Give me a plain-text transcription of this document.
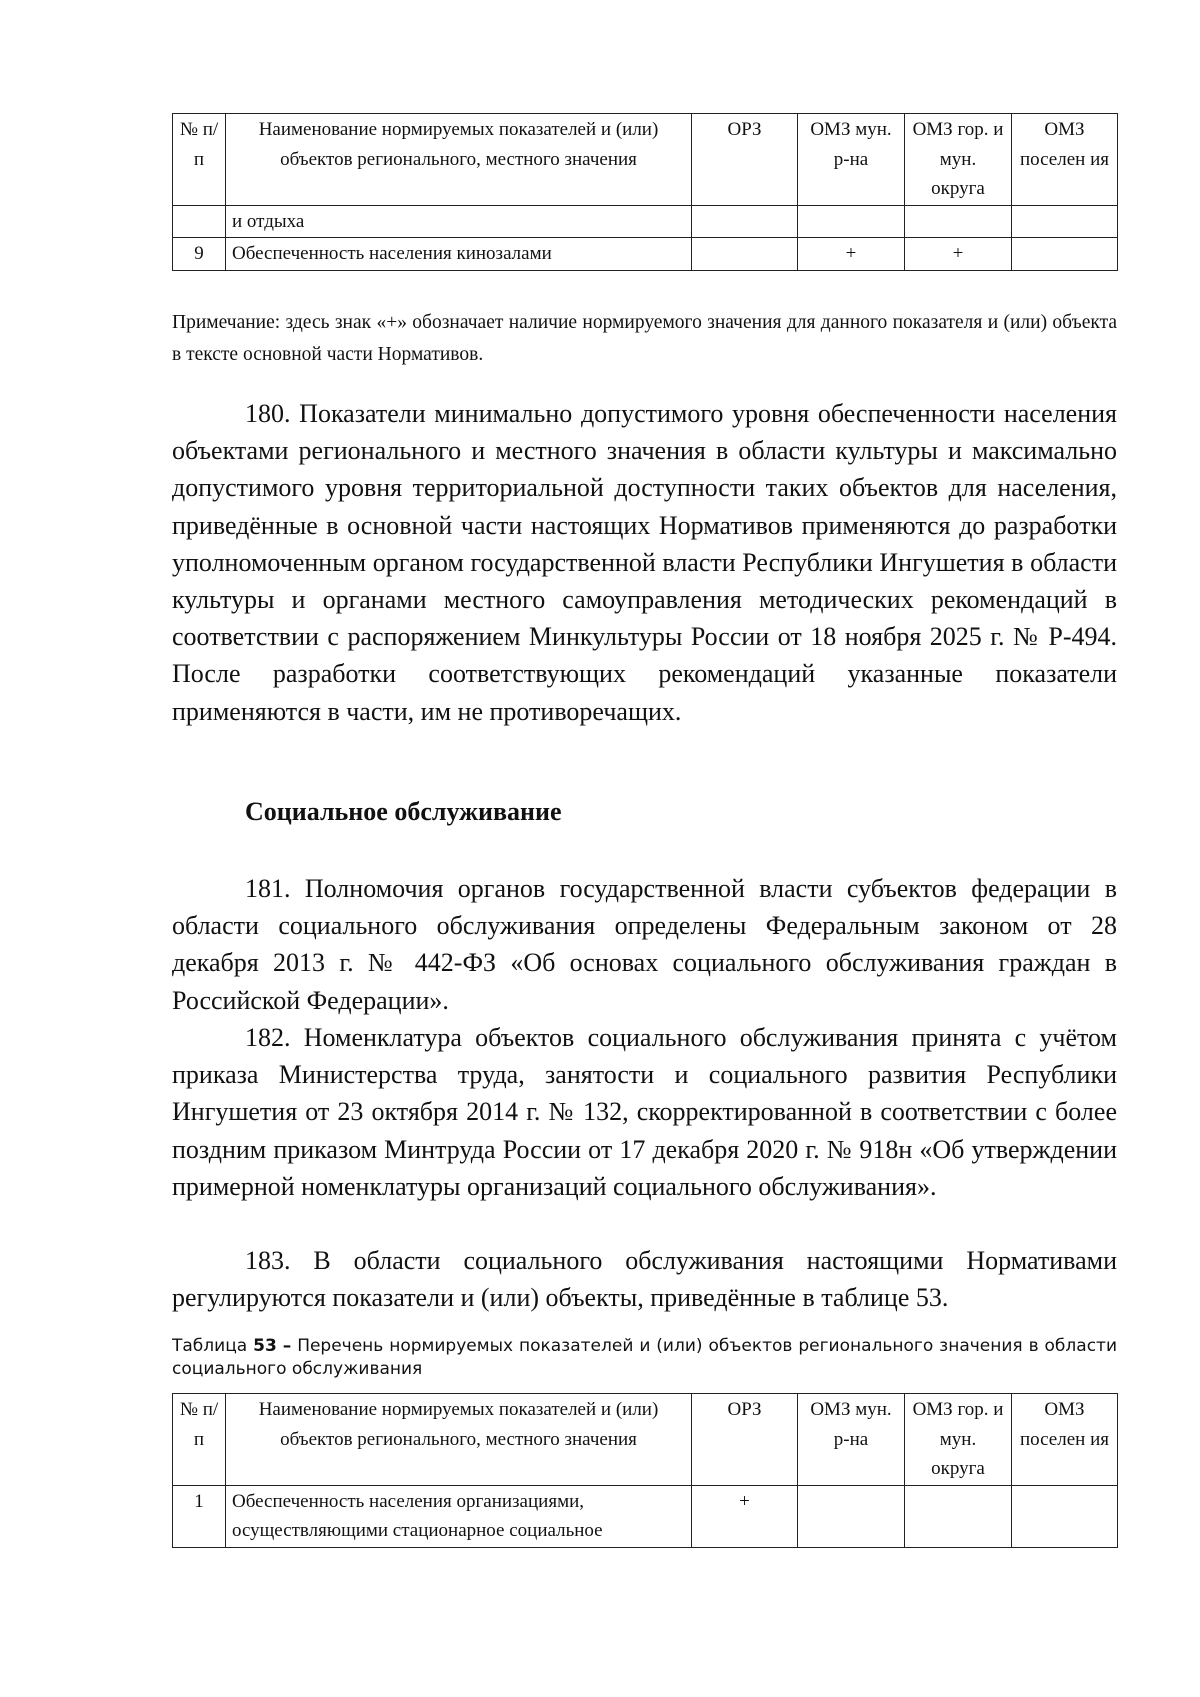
№ п/п	Наименование нормируемых показателей и (или) объектов регионального, местного значения	ОРЗ	ОМЗ мун. р-на	ОМЗ гор. и мун. округа	ОМЗ поселен ия
	и отдыха				
9	Обеспеченность населения кинозалами		+	+	
Примечание: здесь знак «+» обозначает наличие нормируемого значения для данного показателя и (или) объекта в тексте основной части Нормативов.

180. Показатели минимально допустимого уровня обеспеченности населения объектами регионального и местного значения в области культуры и максимально допустимого уровня территориальной доступности таких объектов для населения, приведённые в основной части настоящих Нормативов применяются до разработки уполномоченным органом государственной власти Республики Ингушетия в области культуры и органами местного самоуправления методических рекомендаций в соответствии с распоряжением Минкультуры России от 18 ноября 2025 г. № Р-494. После разработки соответствующих рекомендаций указанные показатели применяются в части, им не противоречащих.

Социальное обслуживание

181. Полномочия органов государственной власти субъектов федерации в области социального обслуживания определены Федеральным законом от 28 декабря 2013 г. № 442-ФЗ «Об основах социального обслуживания граждан в Российской Федерации».

182. Номенклатура объектов социального обслуживания принята с учётом приказа Министерства труда, занятости и социального развития Республики Ингушетия от 23 октября 2014 г. № 132, скорректированной в соответствии с более поздним приказом Минтруда России от 17 декабря 2020 г. № 918н «Об утверждении примерной номенклатуры организаций социального обслуживания».

183. В области социального обслуживания настоящими Нормативами регулируются показатели и (или) объекты, приведённые в таблице 53.

Таблица 53 – Перечень нормируемых показателей и (или) объектов регионального значения в области социального обслуживания
№ п/п	Наименование нормируемых показателей и (или) объектов регионального, местного значения	ОРЗ	ОМЗ мун. р-на	ОМЗ гор. и мун. округа	ОМЗ поселен ия
1	Обеспеченность населения организациями, осуществляющими стационарное социальное	+			
